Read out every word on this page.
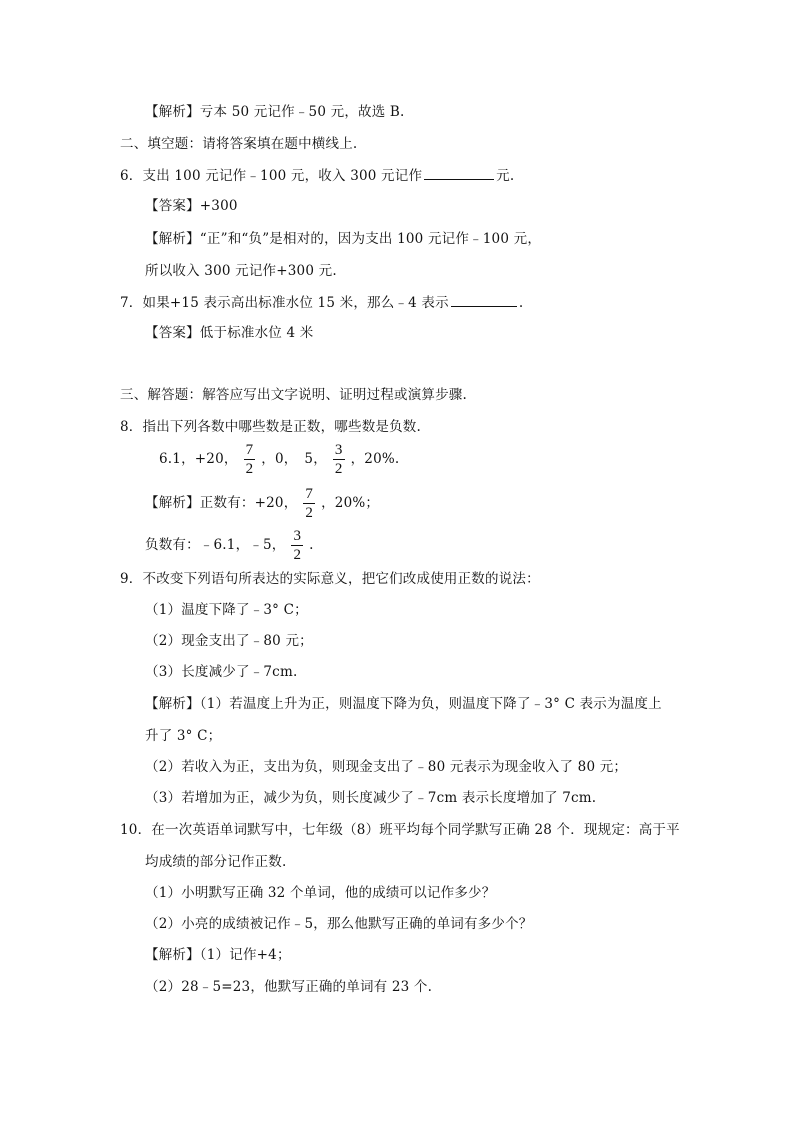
【解析】亏本 50 元记作﹣50 元，故选 B.
二、填空题：请将答案填在题中横线上.
6．支出 100 元记作﹣100 元，收入 300 元记作	元.
【答案】+300
【解析】“正”和“负”是相对的，因为支出 100 元记作﹣100 元，
所以收入 300 元记作+300 元.
7．如果+15 表示高出标准水位 15 米，那么﹣4 表示	.
【答案】低于标准水位 4 米
三、解答题：解答应写出文字说明、证明过程或演算步骤.
8．指出下列各数中哪些数是正数，哪些数是负数.
6.1，+20， $\frac{7}{2}$ ，0，　5， $\frac{3}{2}$ ，20%.
【解析】正数有：+20， $\frac{7}{2}$ ，20%；
负数有：﹣6.1，﹣5， $\frac{3}{2}$ .
9．不改变下列语句所表达的实际意义，把它们改成使用正数的说法：
（1）温度下降了﹣3° C；
（2）现金支出了﹣80 元；
（3）长度减少了﹣7cm.
【解析】（1）若温度上升为正，则温度下降为负，则温度下降了﹣3° C 表示为温度上
升了 3° C；
（2）若收入为正，支出为负，则现金支出了﹣80 元表示为现金收入了 80 元；
（3）若增加为正，减少为负，则长度减少了﹣7cm 表示长度增加了 7cm.
10．在一次英语单词默写中，七年级（8）班平均每个同学默写正确 28 个．现规定：高于平
均成绩的部分记作正数.
（1）小明默写正确 32 个单词，他的成绩可以记作多少？
（2）小亮的成绩被记作﹣5，那么他默写正确的单词有多少个？
【解析】（1）记作+4；
（2）28﹣5=23，他默写正确的单词有 23 个.
